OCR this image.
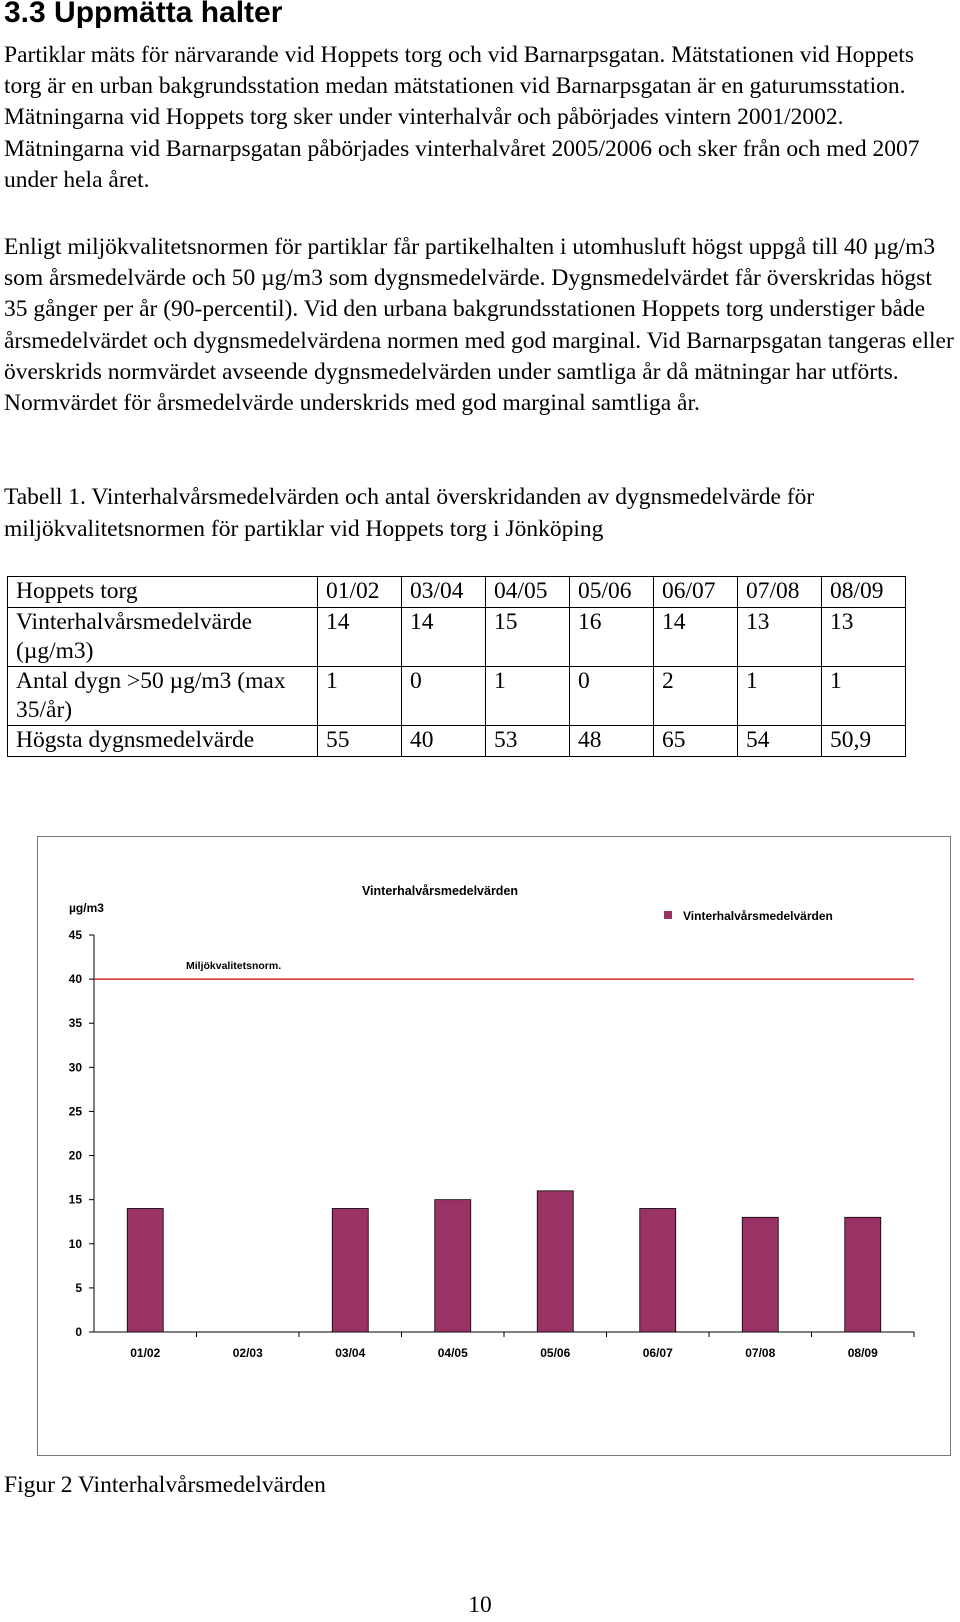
3.3 Uppmätta halter

Partiklar mäts för närvarande vid Hoppets torg och vid Barnarpsgatan. Mätstationen vid Hoppets torg är en urban bakgrundsstation medan mätstationen vid Barnarpsgatan är en gaturumsstation. Mätningarna vid Hoppets torg sker under vinterhalvår och påbörjades vintern 2001/2002. Mätningarna vid Barnarpsgatan påbörjades vinterhalvåret 2005/2006 och sker från och med 2007 under hela året.

Enligt miljökvalitetsnormen för partiklar får partikelhalten i utomhusluft högst uppgå till 40 µg/m3 som årsmedelvärde och 50 µg/m3 som dygnsmedelvärde. Dygnsmedelvärdet får överskridas högst 35 gånger per år (90-percentil). Vid den urbana bakgrundsstationen Hoppets torg understiger både årsmedelvärdet och dygnsmedelvärdena normen med god marginal. Vid Barnarpsgatan tangeras eller överskrids normvärdet avseende dygnsmedelvärden under samtliga år då mätningar har utförts. Normvärdet för årsmedelvärde underskrids med god marginal samtliga år.

Tabell 1. Vinterhalvårsmedelvärden och antal överskridanden av dygnsmedelvärde för miljökvalitetsnormen för partiklar vid Hoppets torg i Jönköping

Hoppets torg	01/02	03/04	04/05	05/06	06/07	07/08	08/09
Vinterhalvårsmedelvärde (µg/m3)	14	14	15	16	14	13	13
Antal dygn >50 µg/m3 (max 35/år)	1	0	1	0	2	1	1
Högsta dygnsmedelvärde	55	40	53	48	65	54	50,9
Vinterhalvårsmedelvärden
µg/m3
0
5
10
15
20
25
30
35
40
45
01/02	02/03	03/04	04/05	05/06	06/07	07/08	08/09
Miljökvalitetsnorm.
Vinterhalvårsmedelvärden

Figur 2 Vinterhalvårsmedelvärden

10
